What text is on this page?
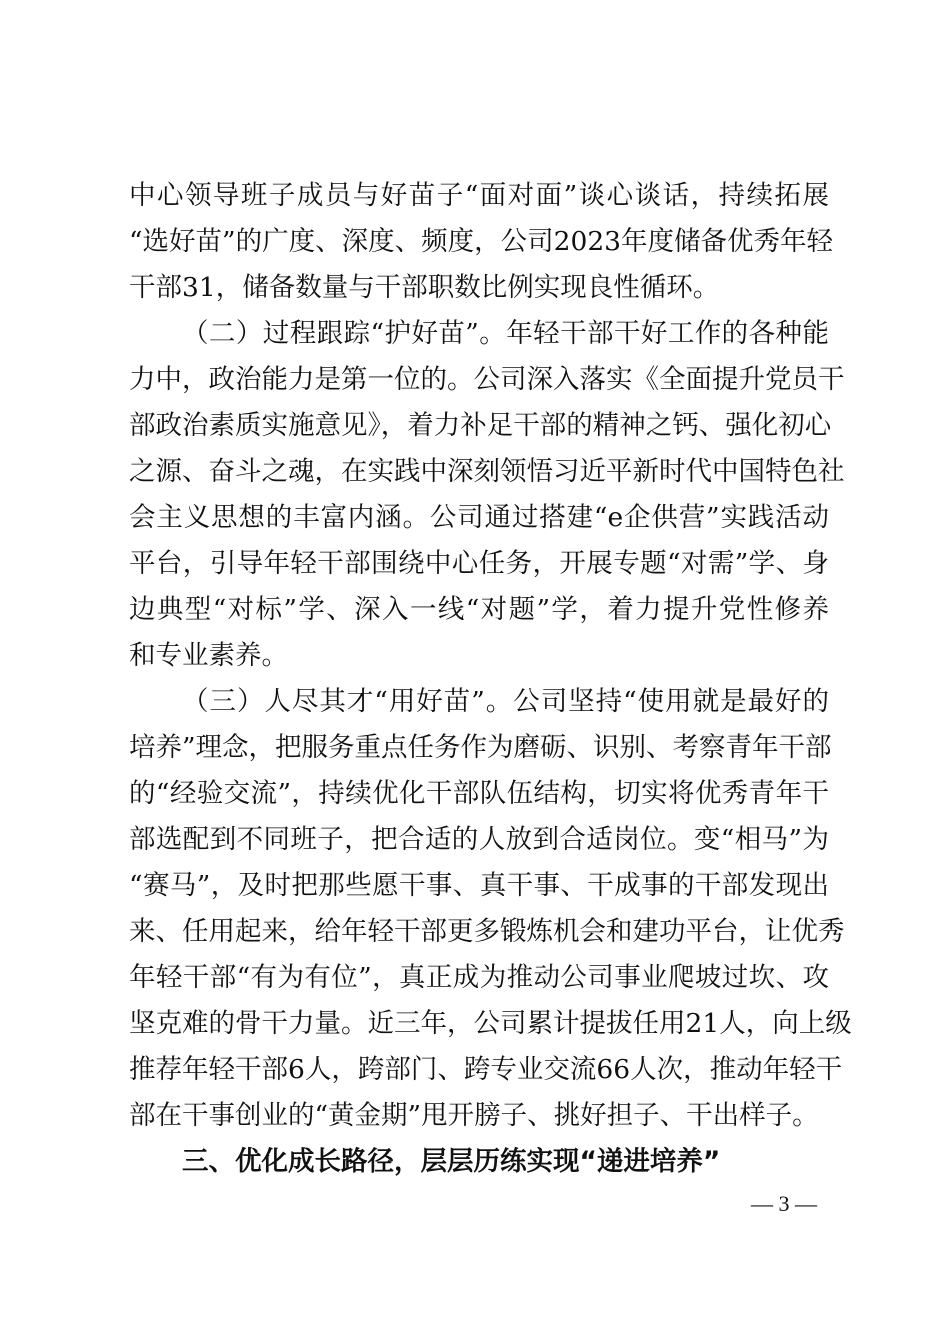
中心领导班子成员与好苗子“面对面”谈心谈话，持续拓展
“选好苗”的广度、深度、频度，公司2023年度储备优秀年轻
干部31，储备数量与干部职数比例实现良性循环。
（二）过程跟踪“护好苗”。年轻干部干好工作的各种能
力中，政治能力是第一位的。公司深入落实《全面提升党员干
部政治素质实施意见》，着力补足干部的精神之钙、强化初心
之源、奋斗之魂，在实践中深刻领悟习近平新时代中国特色社
会主义思想的丰富内涵。公司通过搭建“e企供营”实践活动
平台，引导年轻干部围绕中心任务，开展专题“对需”学、身
边典型“对标”学、深入一线“对题”学，着力提升党性修养
和专业素养。
（三）人尽其才“用好苗”。公司坚持“使用就是最好的
培养”理念，把服务重点任务作为磨砺、识别、考察青年干部
的“经验交流”，持续优化干部队伍结构，切实将优秀青年干
部选配到不同班子，把合适的人放到合适岗位。变“相马”为
“赛马”，及时把那些愿干事、真干事、干成事的干部发现出
来、任用起来，给年轻干部更多锻炼机会和建功平台，让优秀
年轻干部“有为有位”，真正成为推动公司事业爬坡过坎、攻
坚克难的骨干力量。近三年，公司累计提拔任用21人，向上级
推荐年轻干部6人，跨部门、跨专业交流66人次，推动年轻干
部在干事创业的“黄金期”甩开膀子、挑好担子、干出样子。
三、优化成长路径，层层历练实现“递进培养”
— 3 —
